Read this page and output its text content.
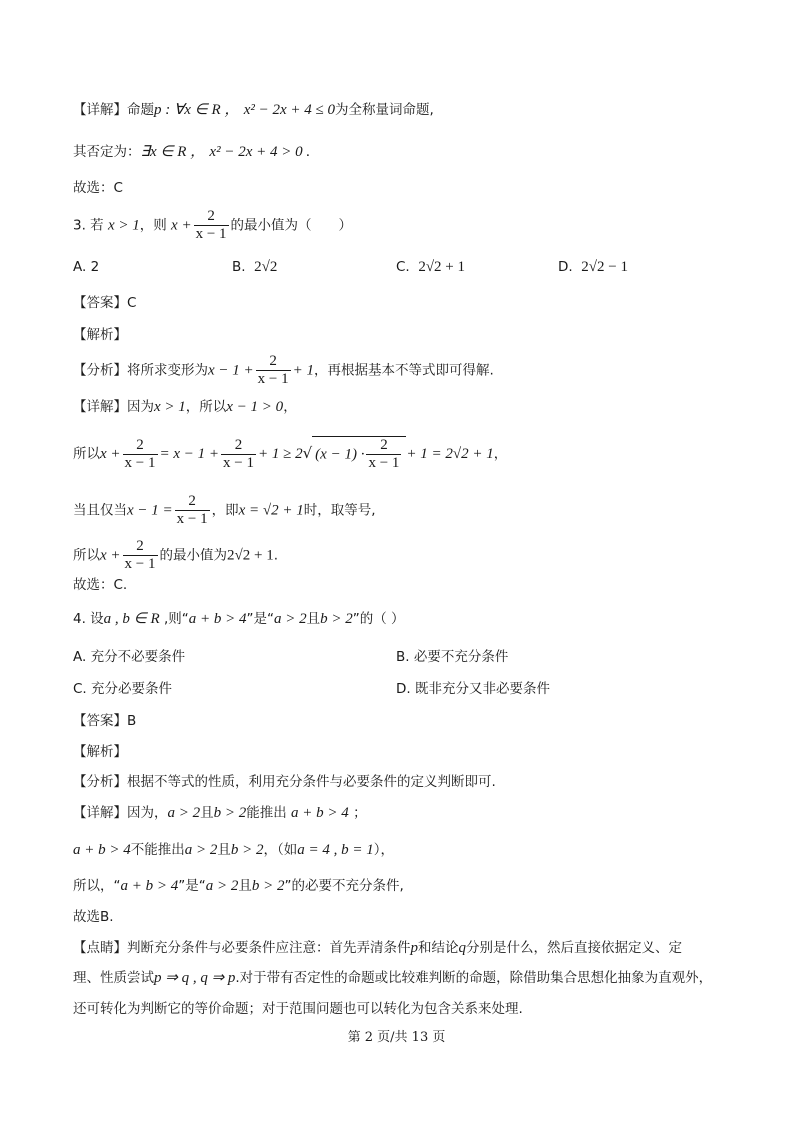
【详解】命题p : ∀x ∈ R ， x² − 2x + 4 ≤ 0为全称量词命题,
其否定为：∃x ∈ R ， x² − 2x + 4 > 0 .
故选：C
3. 若 x > 1，则 $x + \frac{2}{x - 1}$ 的最小值为（　　）
A. 2	B. 2√2	C. 2√2 + 1	D. 2√2 − 1
【答案】C
【解析】
【分析】将所求变形为$x - 1 + \frac{2}{x - 1} + 1$，再根据基本不等式即可得解.
【详解】因为x > 1，所以x − 1 > 0，
所以$x + \frac{2}{x - 1} = x - 1 + \frac{2}{x - 1} + 1 \ge 2√$ $(x - 1) \cdot \frac{2}{x - 1} + 1 = 2√2 + 1$，
当且仅当$x - 1 = \frac{2}{x - 1}$ ，即x = √2 + 1时，取等号,
所以$x + \frac{2}{x - 1}$ 的最小值为2√2 + 1.
故选：C.
4. 设a , b ∈ R ,则“a + b > 4”是“a > 2且b > 2”的（ ）
A. 充分不必要条件	B. 必要不充分条件
C. 充分必要条件	D. 既非充分又非必要条件
【答案】B
【解析】
【分析】根据不等式的性质，利用充分条件与必要条件的定义判断即可.
【详解】因为，a > 2且b > 2能推出 a + b > 4 ；
a + b > 4不能推出a > 2且b > 2，（如a = 4 , b = 1），
所以，“a + b > 4”是“a > 2且b > 2”的必要不充分条件,
故选B.
【点睛】判断充分条件与必要条件应注意：首先弄清条件p和结论q分别是什么，然后直接依据定义、定
理、性质尝试p ⇒ q , q ⇒ p.对于带有否定性的命题或比较难判断的命题，除借助集合思想化抽象为直观外，
还可转化为判断它的等价命题；对于范围问题也可以转化为包含关系来处理.
第 2 页/共 13 页
